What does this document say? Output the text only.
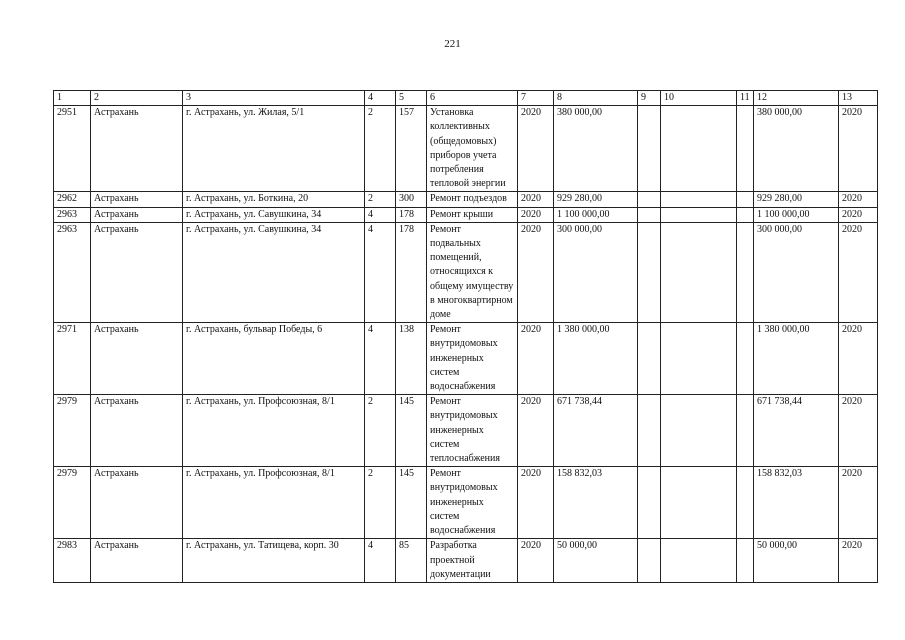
221
1	2	3	4	5	6	7	8	9	10	11	12	13
2951	Астрахань	г. Астрахань, ул. Жилая, 5/1	2	157	Установка коллективных (общедомовых) приборов учета потребления тепловой энергии	2020	380 000,00				380 000,00	2020
2962	Астрахань	г. Астрахань, ул. Боткина, 20	2	300	Ремонт подъездов	2020	929 280,00				929 280,00	2020
2963	Астрахань	г. Астрахань, ул. Савушкина, 34	4	178	Ремонт крыши	2020	1 100 000,00				1 100 000,00	2020
2963	Астрахань	г. Астрахань, ул. Савушкина, 34	4	178	Ремонт подвальных помещений, относящихся к общему имуществу в многоквартирном доме	2020	300 000,00				300 000,00	2020
2971	Астрахань	г. Астрахань, бульвар Победы, 6	4	138	Ремонт внутридомовых инженерных систем водоснабжения	2020	1 380 000,00				1 380 000,00	2020
2979	Астрахань	г. Астрахань, ул. Профсоюзная, 8/1	2	145	Ремонт внутридомовых инженерных систем теплоснабжения	2020	671 738,44				671 738,44	2020
2979	Астрахань	г. Астрахань, ул. Профсоюзная, 8/1	2	145	Ремонт внутридомовых инженерных систем водоснабжения	2020	158 832,03				158 832,03	2020
2983	Астрахань	г. Астрахань, ул. Татищева, корп. 30	4	85	Разработка проектной документации	2020	50 000,00				50 000,00	2020
